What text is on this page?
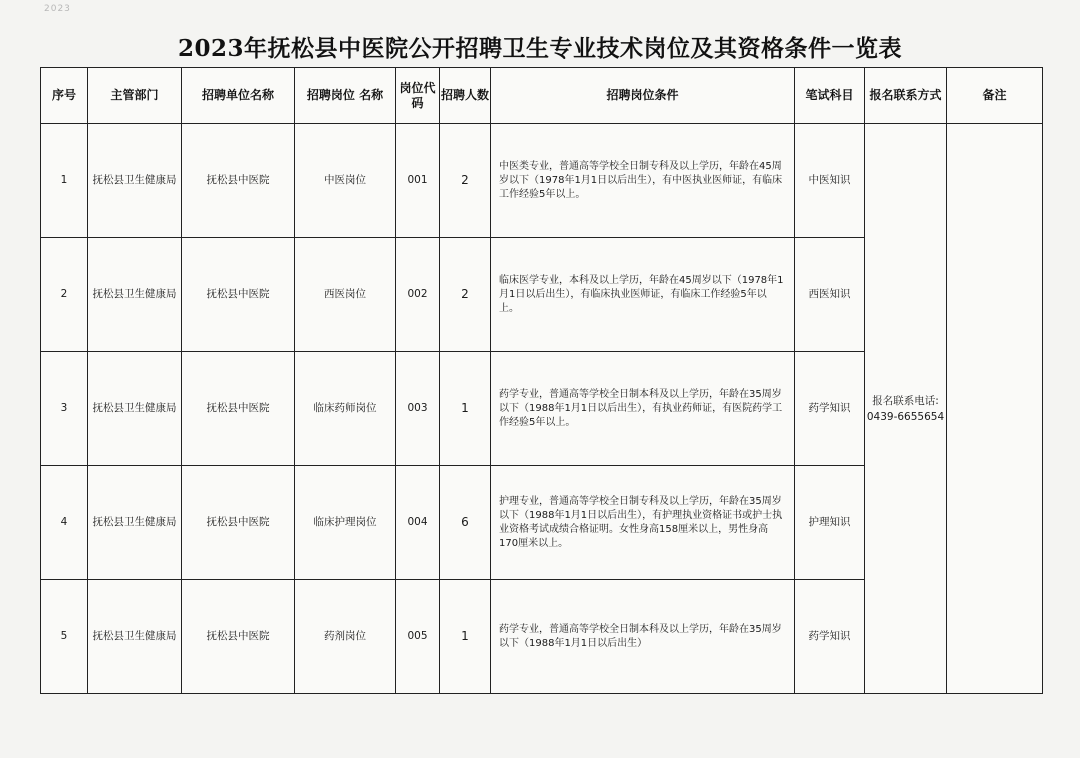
2023
2023年抚松县中医院公开招聘卫生专业技术岗位及其资格条件一览表
序号	主管部门	招聘单位名称	招聘岗位 名称	岗位代码	招聘人数	招聘岗位条件	笔试科目	报名联系方式	备注
1	抚松县卫生健康局	抚松县中医院	中医岗位	001	2	中医类专业，普通高等学校全日制专科及以上学历，年龄在45周岁以下（1978年1月1日以后出生），有中医执业医师证，有临床工作经验5年以上。	中医知识	报名联系电话:
0439-6655654	
2	抚松县卫生健康局	抚松县中医院	西医岗位	002	2	临床医学专业，本科及以上学历，年龄在45周岁以下（1978年1月1日以后出生），有临床执业医师证，有临床工作经验5年以上。	西医知识		
3	抚松县卫生健康局	抚松县中医院	临床药师岗位	003	1	药学专业，普通高等学校全日制本科及以上学历，年龄在35周岁以下（1988年1月1日以后出生），有执业药师证，有医院药学工作经验5年以上。	药学知识		
4	抚松县卫生健康局	抚松县中医院	临床护理岗位	004	6	护理专业，普通高等学校全日制专科及以上学历，年龄在35周岁以下（1988年1月1日以后出生），有护理执业资格证书或护士执业资格考试成绩合格证明。女性身高158厘米以上，男性身高170厘米以上。	护理知识		
5	抚松县卫生健康局	抚松县中医院	药剂岗位	005	1	药学专业，普通高等学校全日制本科及以上学历，年龄在35周岁以下（1988年1月1日以后出生）	药学知识		
